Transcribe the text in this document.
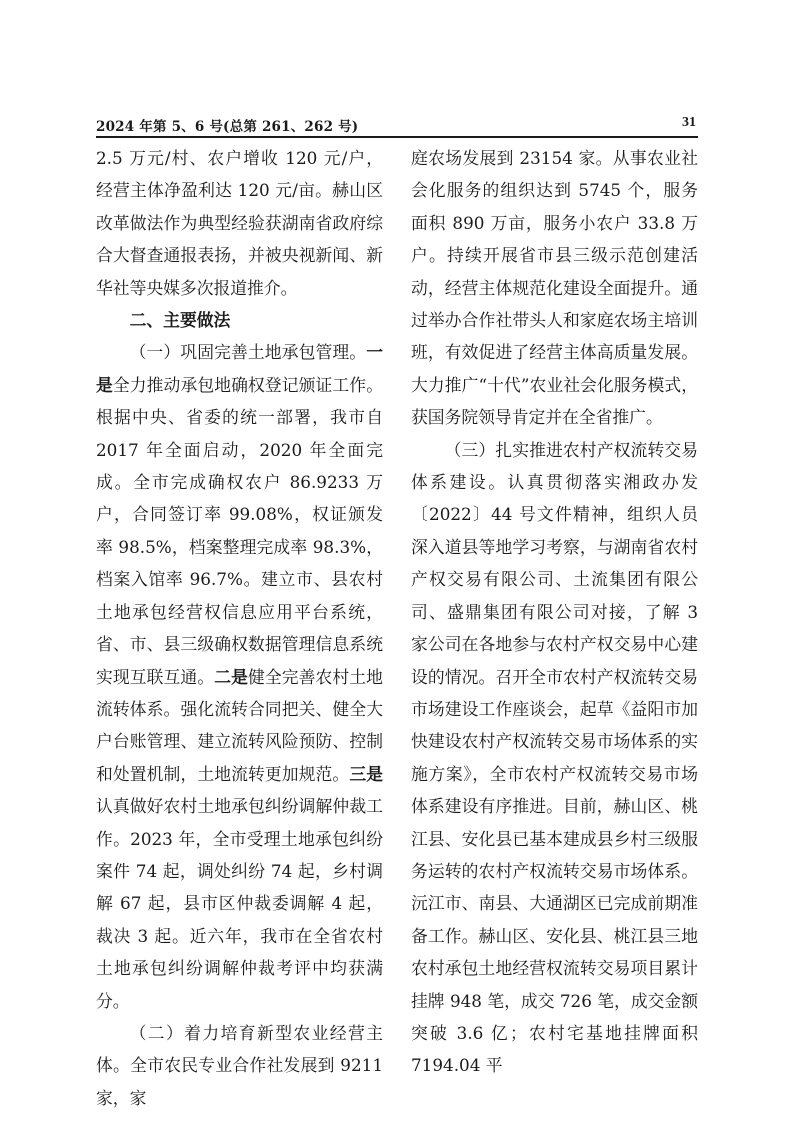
2024 年第 5、6 号(总第 261、262 号)	31

2.5 万元/村、农户增收 120 元/户，经营主体净盈利达 120 元/亩。赫山区改革做法作为典型经验获湖南省政府综合大督查通报表扬，并被央视新闻、新华社等央媒多次报道推介。

二、主要做法

（一）巩固完善土地承包管理。一是全力推动承包地确权登记颁证工作。根据中央、省委的统一部署，我市自 2017 年全面启动，2020 年全面完成。全市完成确权农户 86.9233 万户，合同签订率 99.08%，权证颁发率 98.5%，档案整理完成率 98.3%，档案入馆率 96.7%。建立市、县农村土地承包经营权信息应用平台系统，省、市、县三级确权数据管理信息系统实现互联互通。二是健全完善农村土地流转体系。强化流转合同把关、健全大户台账管理、建立流转风险预防、控制和处置机制，土地流转更加规范。三是认真做好农村土地承包纠纷调解仲裁工作。2023 年，全市受理土地承包纠纷案件 74 起，调处纠纷 74 起，乡村调解 67 起，县市区仲裁委调解 4 起，裁决 3 起。近六年，我市在全省农村土地承包纠纷调解仲裁考评中均获满分。

（二）着力培育新型农业经营主体。全市农民专业合作社发展到 9211 家，家

庭农场发展到 23154 家。从事农业社会化服务的组织达到 5745 个，服务面积 890 万亩，服务小农户 33.8 万户。持续开展省市县三级示范创建活动，经营主体规范化建设全面提升。通过举办合作社带头人和家庭农场主培训班，有效促进了经营主体高质量发展。大力推广“十代”农业社会化服务模式，获国务院领导肯定并在全省推广。

（三）扎实推进农村产权流转交易体系建设。认真贯彻落实湘政办发〔2022〕44 号文件精神，组织人员深入道县等地学习考察，与湖南省农村产权交易有限公司、土流集团有限公司、盛鼎集团有限公司对接，了解 3 家公司在各地参与农村产权交易中心建设的情况。召开全市农村产权流转交易市场建设工作座谈会，起草《益阳市加快建设农村产权流转交易市场体系的实施方案》，全市农村产权流转交易市场体系建设有序推进。目前，赫山区、桃江县、安化县已基本建成县乡村三级服务运转的农村产权流转交易市场体系。沅江市、南县、大通湖区已完成前期准备工作。赫山区、安化县、桃江县三地农村承包土地经营权流转交易项目累计挂牌 948 笔，成交 726 笔，成交金额突破 3.6 亿；农村宅基地挂牌面积 7194.04 平
